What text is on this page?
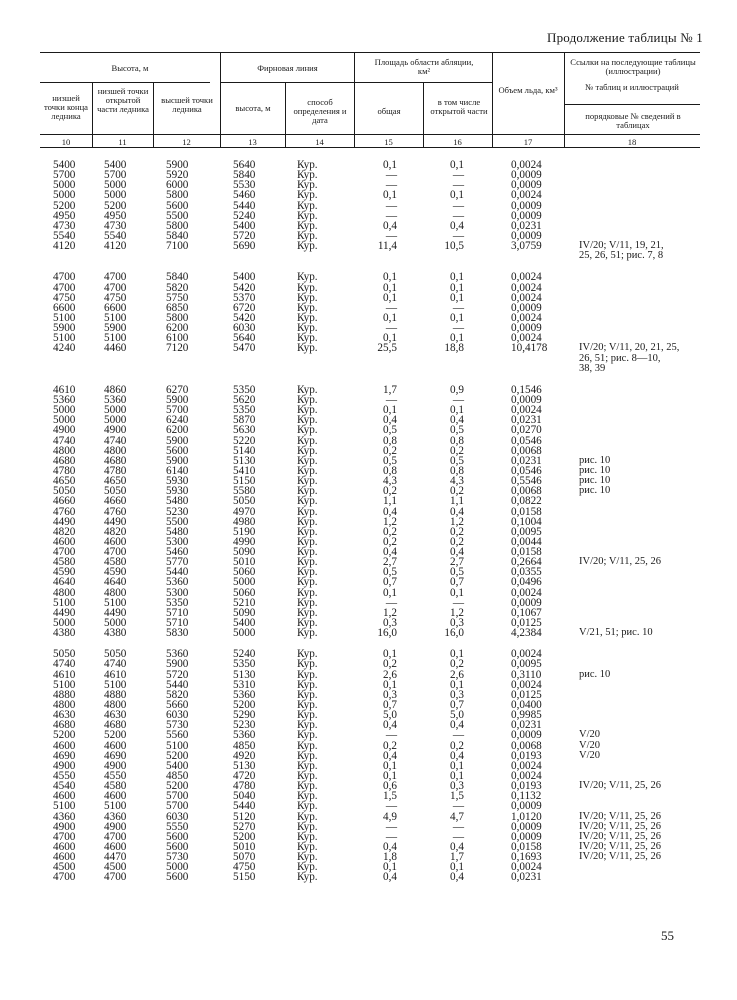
Продолжение таблицы № 1
Высота, м	Фирновая линия
Площадь области абляции, км²
Объем льда, км³
Ссылки на последующие таблицы (иллюстрации)
низшей точки конца ледника
низшей точки открытой части ледника
высшей точки ледника	высота, м
способ определения и дата
общая
в том числе открытой части
№ таблиц и иллюстраций
порядковые № сведений в таблицах
10	11	12	13	14	15	16	17	18
5400	5400	5900	5640	Кур.	0,1	0,1	0,0024
5700	5700	5920	5840	Кур.	—	—	0,0009
5000	5000	6000	5530	Кур.	—	—	0,0009
5000	5000	5800	5460	Кур.	0,1	0,1	0,0024
5200	5200	5600	5440	Кур.	—	—	0,0009
4950	4950	5500	5240	Кур.	—	—	0,0009
4730	4730	5800	5400	Кур.	0,4	0,4	0,0231
5540	5540	5840	5720	Кур.	—	—	0,0009
4120	4120	7100	5690	Кур.	11,4	10,5	3,0759	IV/20; V/11, 19, 21,
25, 26, 51; рис. 7, 8
4700	4700	5840	5400	Кур.	0,1	0,1	0,0024
4700	4700	5820	5420	Кур.	0,1	0,1	0,0024
4750	4750	5750	5370	Кур.	0,1	0,1	0,0024
6600	6600	6850	6720	Кур.	—	—	0,0009
5100	5100	5800	5420	Кур.	0,1	0,1	0,0024
5900	5900	6200	6030	Кур.	—	—	0,0009
5100	5100	6100	5640	Кур.	0,1	0,1	0,0024
4240	4460	7120	5470	Кур.	25,5	18,8	10,4178	IV/20; V/11, 20, 21, 25,
26, 51; рис. 8—10,
38, 39
4610	4860	6270	5350	Кур.	1,7	0,9	0,1546
5360	5360	5900	5620	Кур.	—	—	0,0009
5000	5000	5700	5350	Кур.	0,1	0,1	0,0024
5000	5000	6240	5870	Кур.	0,4	0,4	0,0231
4900	4900	6200	5630	Кур.	0,5	0,5	0,0270
4740	4740	5900	5220	Кур.	0,8	0,8	0,0546
4800	4800	5600	5140	Кур.	0,2	0,2	0,0068
4680	4680	5900	5130	Кур.	0,5	0,5	0,0231	рис. 10
4780	4780	6140	5410	Кур.	0,8	0,8	0,0546	рис. 10
4650	4650	5930	5150	Кур.	4,3	4,3	0,5546	рис. 10
5050	5050	5930	5580	Кур.	0,2	0,2	0,0068	рис. 10
4660	4660	5480	5050	Кур.	1,1	1,1	0,0822
4760	4760	5230	4970	Кур.	0,4	0,4	0,0158
4490	4490	5500	4980	Кур.	1,2	1,2	0,1004
4820	4820	5480	5190	Кур.	0,2	0,2	0,0095
4600	4600	5300	4990	Кур.	0,2	0,2	0,0044
4700	4700	5460	5090	Кур.	0,4	0,4	0,0158
4580	4580	5770	5010	Кур.	2,7	2,7	0,2664	IV/20; V/11, 25, 26
4590	4590	5440	5060	Кур.	0,5	0,5	0,0355
4640	4640	5360	5000	Кур.	0,7	0,7	0,0496
4800	4800	5300	5060	Кур.	0,1	0,1	0,0024
5100	5100	5350	5210	Кур.	—	—	0,0009
4490	4490	5710	5090	Кур.	1,2	1,2	0,1067
5000	5000	5710	5400	Кур.	0,3	0,3	0,0125
4380	4380	5830	5000	Кур.	16,0	16,0	4,2384	V/21, 51; рис. 10
5050	5050	5360	5240	Кур.	0,1	0,1	0,0024
4740	4740	5900	5350	Кур.	0,2	0,2	0,0095
4610	4610	5720	5130	Кур.	2,6	2,6	0,3110	рис. 10
5100	5100	5440	5310	Кур.	0,1	0,1	0,0024
4880	4880	5820	5360	Кур.	0,3	0,3	0,0125
4800	4800	5660	5200	Кур.	0,7	0,7	0,0400
4630	4630	6030	5290	Кур.	5,0	5,0	0,9985
4680	4680	5730	5230	Кур.	0,4	0,4	0,0231
5200	5200	5560	5360	Кур.	—	—	0,0009	V/20
4600	4600	5100	4850	Кур.	0,2	0,2	0,0068	V/20
4690	4690	5200	4920	Кур.	0,4	0,4	0,0193	V/20
4900	4900	5400	5130	Кур.	0,1	0,1	0,0024
4550	4550	4850	4720	Кур.	0,1	0,1	0,0024
4540	4580	5200	4780	Кур.	0,6	0,3	0,0193	IV/20; V/11, 25, 26
4600	4600	5700	5040	Кур.	1,5	1,5	0,1132
5100	5100	5700	5440	Кур.	—	—	0,0009
4360	4360	6030	5120	Кур.	4,9	4,7	1,0120	IV/20; V/11, 25, 26
4900	4900	5550	5270	Кур.	—	—	0,0009	IV/20; V/11, 25, 26
4700	4700	5600	5200	Кур.	—	—	0,0009	IV/20; V/11, 25, 26
4600	4600	5600	5010	Кур.	0,4	0,4	0,0158	IV/20; V/11, 25, 26
4600	4470	5730	5070	Кур.	1,8	1,7	0,1693	IV/20; V/11, 25, 26
4500	4500	5000	4750	Кур.	0,1	0,1	0,0024
4700	4700	5600	5150	Кур.	0,4	0,4	0,0231
55
